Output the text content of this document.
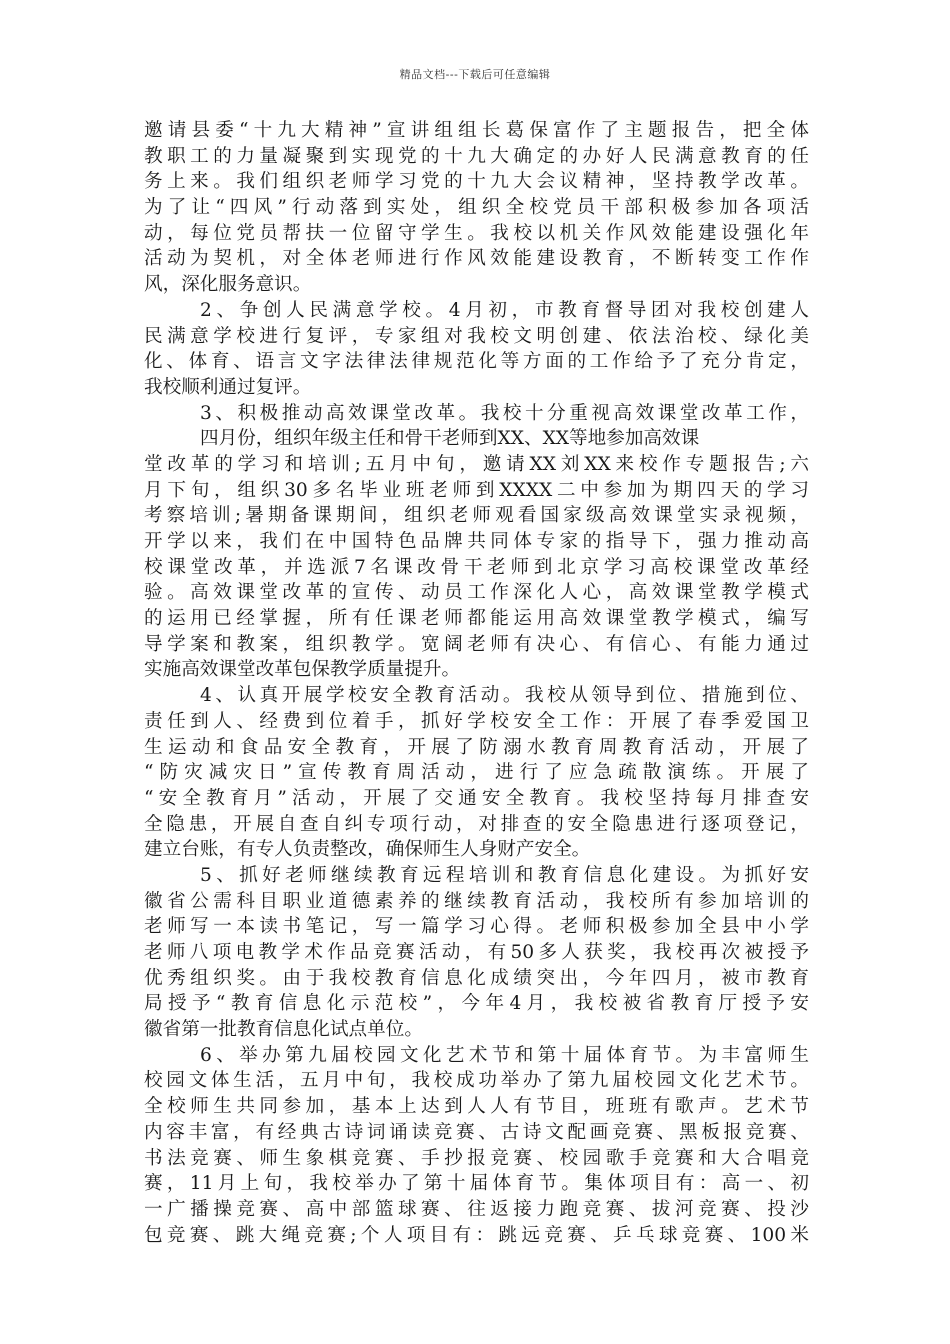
精品文档---下载后可任意编辑
邀请县委“十九大精神”宣讲组组长葛保富作了主题报告，把全体
教职工的力量凝聚到实现党的十九大确定的办好人民满意教育的任
务上来。我们组织老师学习党的十九大会议精神，坚持教学改革。
为了让“四风”行动落到实处，组织全校党员干部积极参加各项活
动，每位党员帮扶一位留守学生。我校以机关作风效能建设强化年
活动为契机，对全体老师进行作风效能建设教育，不断转变工作作
风，深化服务意识。
2、争创人民满意学校。4月初，市教育督导团对我校创建人
民满意学校进行复评，专家组对我校文明创建、依法治校、绿化美
化、体育、语言文字法律法律规范化等方面的工作给予了充分肯定，
我校顺利通过复评。
3、积极推动高效课堂改革。我校十分重视高效课堂改革工作，
四月份，组织年级主任和骨干老师到XX、XX等地参加高效课
堂改革的学习和培训;五月中旬，邀请XX刘XX来校作专题报告;六
月下旬，组织30多名毕业班老师到XXXX二中参加为期四天的学习
考察培训;暑期备课期间，组织老师观看国家级高效课堂实录视频，
开学以来，我们在中国特色品牌共同体专家的指导下，强力推动高
校课堂改革，并选派7名课改骨干老师到北京学习高校课堂改革经
验。高效课堂改革的宣传、动员工作深化人心，高效课堂教学模式
的运用已经掌握，所有任课老师都能运用高效课堂教学模式，编写
导学案和教案，组织教学。宽阔老师有决心、有信心、有能力通过
实施高效课堂改革包保教学质量提升。
4、认真开展学校安全教育活动。我校从领导到位、措施到位、
责任到人、经费到位着手，抓好学校安全工作：开展了春季爱国卫
生运动和食品安全教育，开展了防溺水教育周教育活动，开展了
“防灾减灾日”宣传教育周活动，进行了应急疏散演练。开展了
“安全教育月”活动，开展了交通安全教育。我校坚持每月排查安
全隐患，开展自查自纠专项行动，对排查的安全隐患进行逐项登记，
建立台账，有专人负责整改，确保师生人身财产安全。
5、抓好老师继续教育远程培训和教育信息化建设。为抓好安
徽省公需科目职业道德素养的继续教育活动，我校所有参加培训的
老师写一本读书笔记，写一篇学习心得。老师积极参加全县中小学
老师八项电教学术作品竞赛活动，有50多人获奖，我校再次被授予
优秀组织奖。由于我校教育信息化成绩突出，今年四月，被市教育
局授予“教育信息化示范校”，今年4月，我校被省教育厅授予安
徽省第一批教育信息化试点单位。
6、举办第九届校园文化艺术节和第十届体育节。为丰富师生
校园文体生活，五月中旬，我校成功举办了第九届校园文化艺术节。
全校师生共同参加，基本上达到人人有节目，班班有歌声。艺术节
内容丰富，有经典古诗词诵读竞赛、古诗文配画竞赛、黑板报竞赛、
书法竞赛、师生象棋竞赛、手抄报竞赛、校园歌手竞赛和大合唱竞
赛，11月上旬，我校举办了第十届体育节。集体项目有：高一、初
一广播操竞赛、高中部篮球赛、往返接力跑竞赛、拔河竞赛、投沙
包竞赛、跳大绳竞赛;个人项目有：跳远竞赛、乒乓球竞赛、100米
